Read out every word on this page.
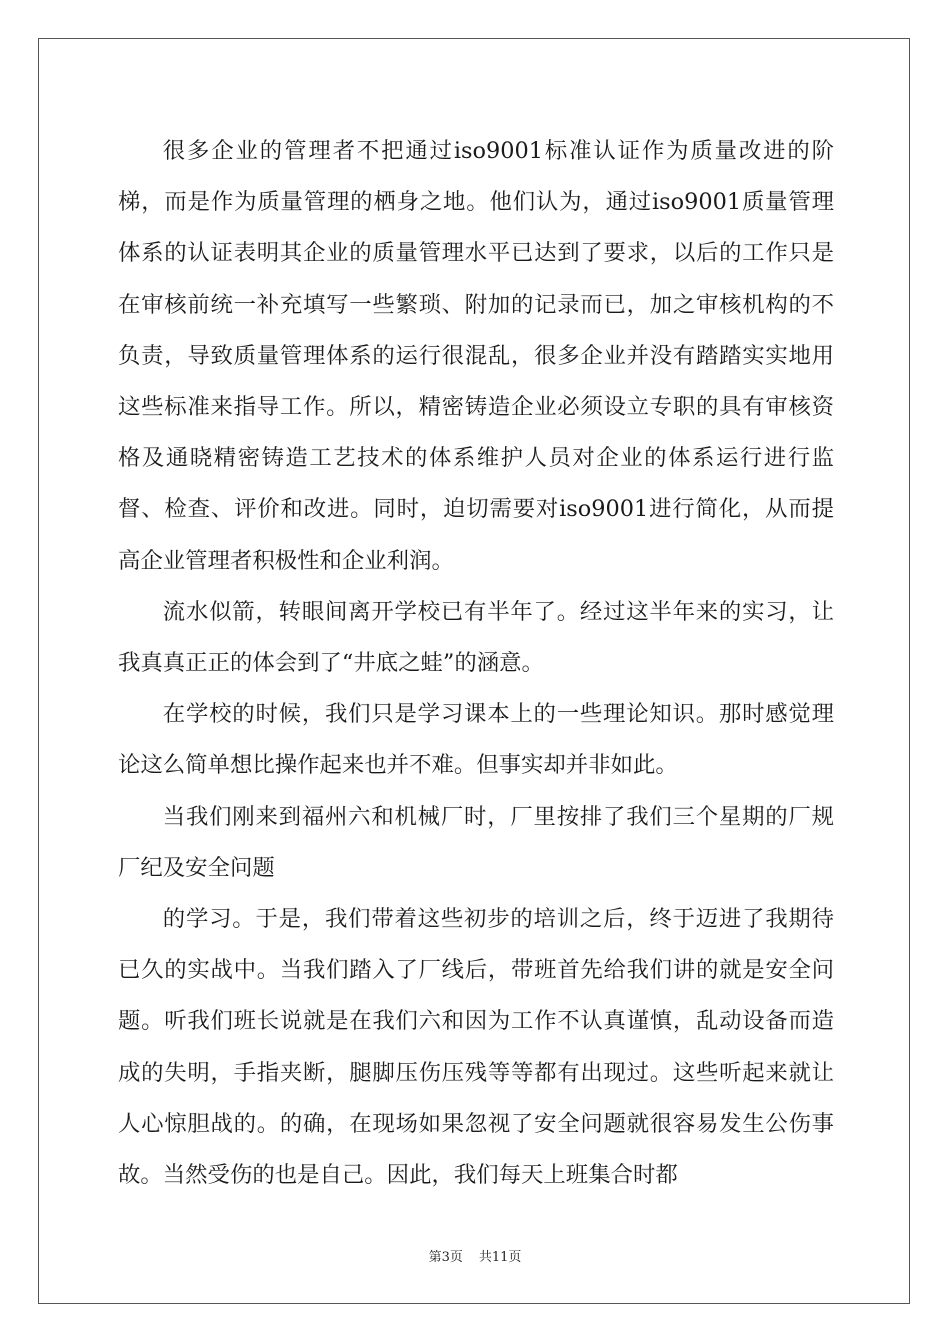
很多企业的管理者不把通过iso9001标准认证作为质量改进的阶梯，而是作为质量管理的栖身之地。他们认为，通过iso9001质量管理体系的认证表明其企业的质量管理水平已达到了要求，以后的工作只是在审核前统一补充填写一些繁琐、附加的记录而已，加之审核机构的不负责，导致质量管理体系的运行很混乱，很多企业并没有踏踏实实地用这些标准来指导工作。所以，精密铸造企业必须设立专职的具有审核资格及通晓精密铸造工艺技术的体系维护人员对企业的体系运行进行监督、检查、评价和改进。同时，迫切需要对iso9001进行简化，从而提高企业管理者积极性和企业利润。

流水似箭，转眼间离开学校已有半年了。经过这半年来的实习，让我真真正正的体会到了“井底之蛙”的涵意。

在学校的时候，我们只是学习课本上的一些理论知识。那时感觉理论这么简单想比操作起来也并不难。但事实却并非如此。

当我们刚来到福州六和机械厂时，厂里按排了我们三个星期的厂规厂纪及安全问题

的学习。于是，我们带着这些初步的培训之后，终于迈进了我期待已久的实战中。当我们踏入了厂线后，带班首先给我们讲的就是安全问题。听我们班长说就是在我们六和因为工作不认真谨慎，乱动设备而造成的失明，手指夹断，腿脚压伤压残等等都有出现过。这些听起来就让人心惊胆战的。的确，在现场如果忽视了安全问题就很容易发生公伤事故。当然受伤的也是自己。因此，我们每天上班集合时都

第3页 共11页
